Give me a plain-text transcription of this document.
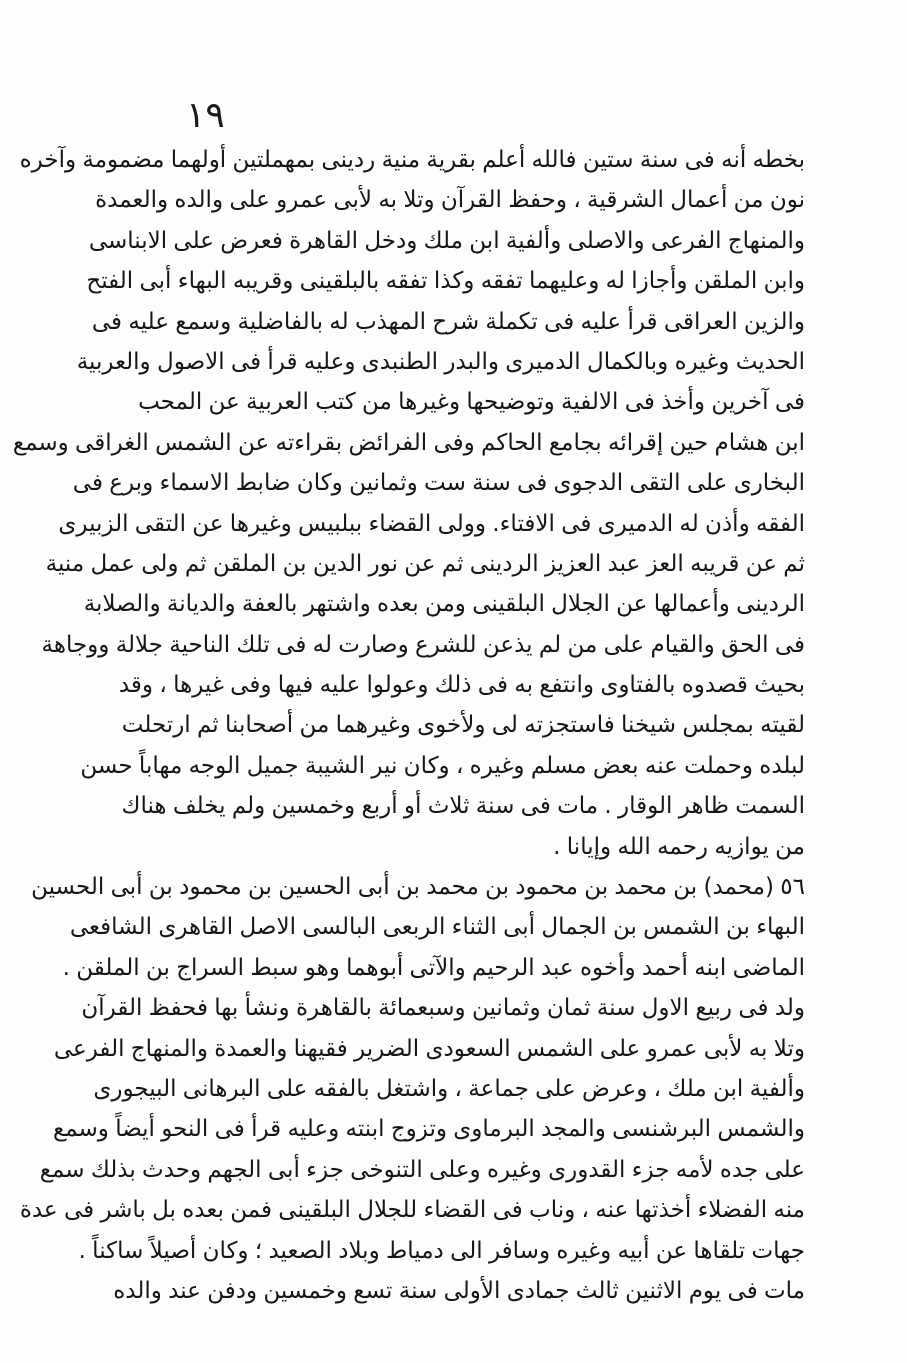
١٩
بخطه أنه فى سنة ستين فالله أعلم بقرية منية ردينى بمهملتين أولهما مضمومة وآخره
نون من أعمال الشرقية ، وحفظ القرآن وتلا به لأبى عمرو على والده والعمدة
والمنهاج الفرعى والاصلى وألفية ابن ملك ودخل القاهرة فعرض على الابناسى
وابن الملقن وأجازا له وعليهما تفقه وكذا تفقه بالبلقينى وقريبه البهاء أبى الفتح
والزين العراقى قرأ عليه فى تكملة شرح المهذب له بالفاضلية وسمع عليه فى
الحديث وغيره وبالكمال الدميرى والبدر الطنبدى وعليه قرأ فى الاصول والعربية
فى آخرين وأخذ فى الالفية وتوضيحها وغيرها من كتب العربية عن المحب
ابن هشام حين إقرائه بجامع الحاكم وفى الفرائض بقراءته عن الشمس الغراقى وسمع
البخارى على التقى الدجوى فى سنة ست وثمانين وكان ضابط الاسماء وبرع فى
الفقه وأذن له الدميرى فى الافتاء. وولى القضاء ببلبيس وغيرها عن التقى الزبيرى
ثم عن قريبه العز عبد العزيز الردينى ثم عن نور الدين بن الملقن ثم ولى عمل منية
الردينى وأعمالها عن الجلال البلقينى ومن بعده واشتهر بالعفة والديانة والصلابة
فى الحق والقيام على من لم يذعن للشرع وصارت له فى تلك الناحية جلالة ووجاهة
بحيث قصدوه بالفتاوى وانتفع به فى ذلك وعولوا عليه فيها وفى غيرها ، وقد
لقيته بمجلس شيخنا فاستجزته لى ولأخوى وغيرهما من أصحابنا ثم ارتحلت
لبلده وحملت عنه بعض مسلم وغيره ، وكان نير الشيبة جميل الوجه مهاباً حسن
السمت ظاهر الوقار . مات فى سنة ثلاث أو أربع وخمسين ولم يخلف هناك
من يوازيه رحمه الله وإيانا .
٥٦ (محمد) بن محمد بن محمود بن محمد بن أبى الحسين بن محمود بن أبى الحسين
البهاء بن الشمس بن الجمال أبى الثناء الربعى البالسى الاصل القاهرى الشافعى
الماضى ابنه أحمد وأخوه عبد الرحيم والآتى أبوهما وهو سبط السراج بن الملقن .
ولد فى ربيع الاول سنة ثمان وثمانين وسبعمائة بالقاهرة ونشأ بها فحفظ القرآن
وتلا به لأبى عمرو على الشمس السعودى الضرير فقيهنا والعمدة والمنهاج الفرعى
وألفية ابن ملك ، وعرض على جماعة ، واشتغل بالفقه على البرهانى البيجورى
والشمس البرشنسى والمجد البرماوى وتزوج ابنته وعليه قرأ فى النحو أيضاً وسمع
على جده لأمه جزء القدورى وغيره وعلى التنوخى جزء أبى الجهم وحدث بذلك سمع
منه الفضلاء أخذتها عنه ، وناب فى القضاء للجلال البلقينى فمن بعده بل باشر فى عدة
جهات تلقاها عن أبيه وغيره وسافر الى دمياط وبلاد الصعيد ؛ وكان أصيلاً ساكناً .
مات فى يوم الاثنين ثالث جمادى الأولى سنة تسع وخمسين ودفن عند والده
